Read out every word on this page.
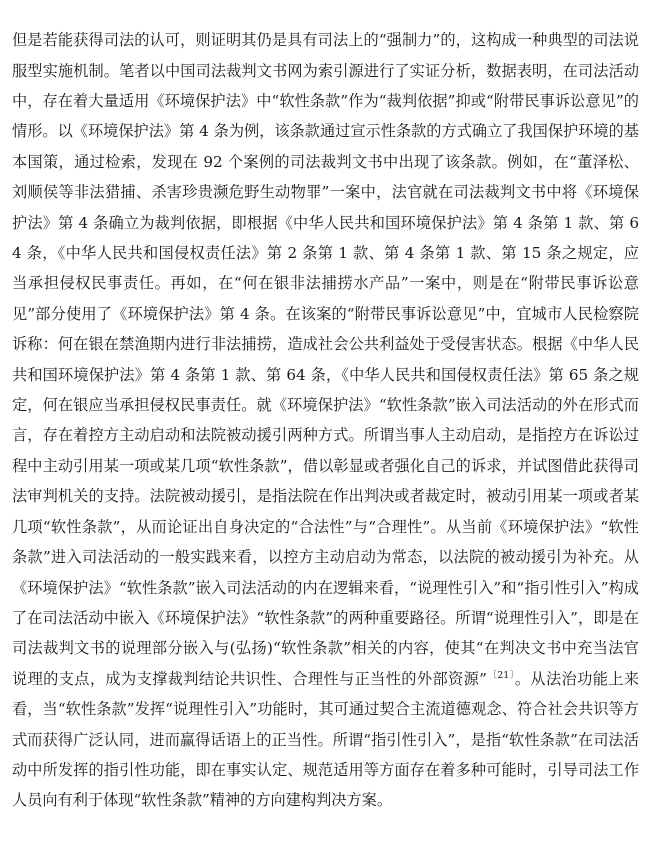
但是若能获得司法的认可，则证明其仍是具有司法上的“强制力”的，这构成一种典型的司法说服型实施机制。笔者以中国司法裁判文书网为索引源进行了实证分析，数据表明，在司法活动中，存在着大量适用《环境保护法》中“软性条款”作为“裁判依据”抑或“附带民事诉讼意见”的情形。以《环境保护法》第 4 条为例，该条款通过宣示性条款的方式确立了我国保护环境的基本国策，通过检索，发现在 92 个案例的司法裁判文书中出现了该条款。例如，在“董泽松、刘顺侯等非法猎捕、杀害珍贵濒危野生动物罪”一案中，法官就在司法裁判文书中将《环境保护法》第 4 条确立为裁判依据，即根据《中华人民共和国环境保护法》第 4 条第 1 款、第 64 条，《中华人民共和国侵权责任法》第 2 条第 1 款、第 4 条第 1 款、第 15 条之规定，应当承担侵权民事责任。再如，在“何在银非法捕捞水产品”一案中，则是在“附带民事诉讼意见”部分使用了《环境保护法》第 4 条。在该案的“附带民事诉讼意见”中，宜城市人民检察院诉称：何在银在禁渔期内进行非法捕捞，造成社会公共利益处于受侵害状态。根据《中华人民共和国环境保护法》第 4 条第 1 款、第 64 条，《中华人民共和国侵权责任法》第 65 条之规定，何在银应当承担侵权民事责任。就《环境保护法》“软性条款”嵌入司法活动的外在形式而言，存在着控方主动启动和法院被动援引两种方式。所谓当事人主动启动，是指控方在诉讼过程中主动引用某一项或某几项“软性条款”，借以彰显或者强化自己的诉求，并试图借此获得司法审判机关的支持。法院被动援引，是指法院在作出判决或者裁定时，被动引用某一项或者某几项“软性条款”，从而论证出自身决定的“合法性”与“合理性”。从当前《环境保护法》“软性条款”进入司法活动的一般实践来看，以控方主动启动为常态，以法院的被动援引为补充。从《环境保护法》“软性条款”嵌入司法活动的内在逻辑来看，“说理性引入”和“指引性引入”构成了在司法活动中嵌入《环境保护法》“软性条款”的两种重要路径。所谓“说理性引入”，即是在司法裁判文书的说理部分嵌入与(弘扬)“软性条款”相关的内容，使其“在判决文书中充当法官说理的支点，成为支撑裁判结论共识性、合理性与正当性的外部资源”$^{〔21〕}$。从法治功能上来看，当“软性条款”发挥“说理性引入”功能时，其可通过契合主流道德观念、符合社会共识等方式而获得广泛认同，进而赢得话语上的正当性。所谓“指引性引入”，是指“软性条款”在司法活动中所发挥的指引性功能，即在事实认定、规范适用等方面存在着多种可能时，引导司法工作人员向有利于体现“软性条款”精神的方向建构判决方案。
